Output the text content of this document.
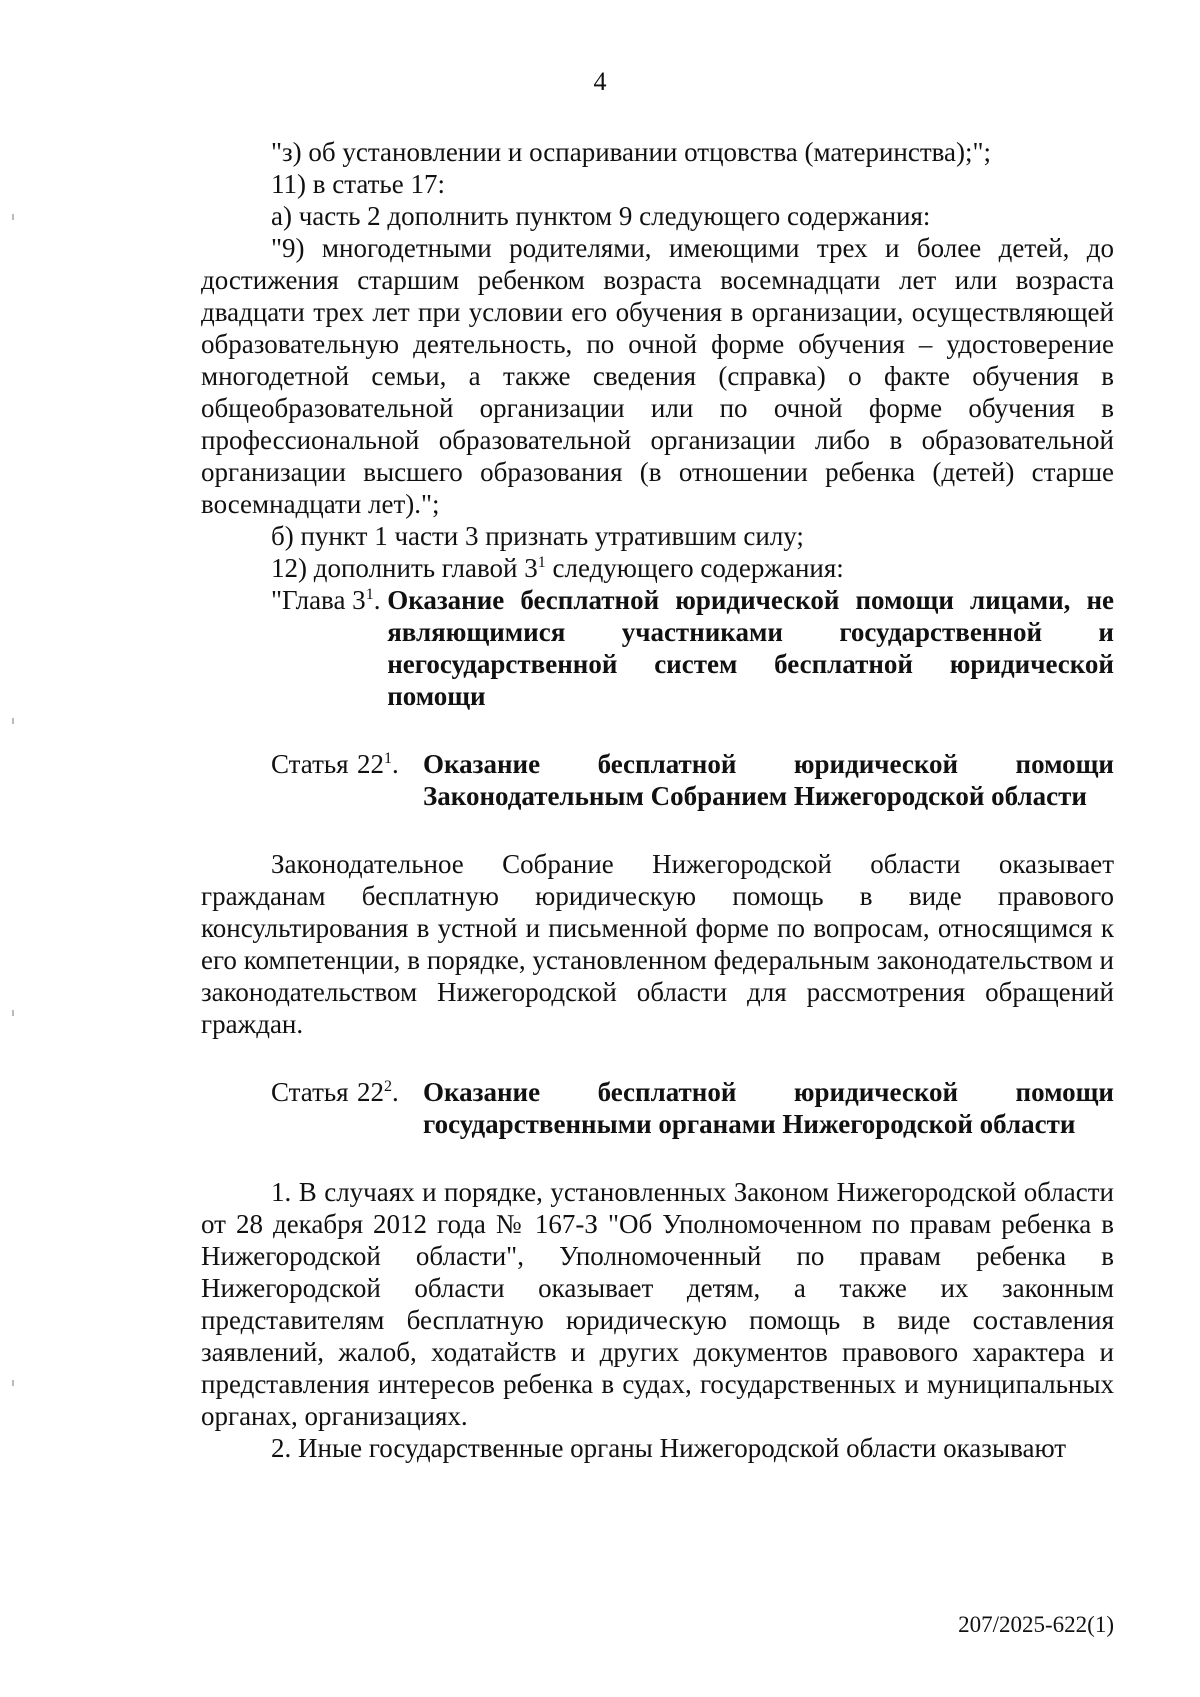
4

"з) об установлении и оспаривании отцовства (материнства);";

11) в статье 17:

а) часть 2 дополнить пунктом 9 следующего содержания:

"9) многодетными родителями, имеющими трех и более детей, до достижения старшим ребенком возраста восемнадцати лет или возраста двадцати трех лет при условии его обучения в организации, осуществляющей образовательную деятельность, по очной форме обучения – удостоверение многодетной семьи, а также сведения (справка) о факте обучения в общеобразовательной организации или по очной форме обучения в профессиональной образовательной организации либо в образовательной организации высшего образования (в отношении ребенка (детей) старше восемнадцати лет).";

б) пункт 1 части 3 признать утратившим силу;

12) дополнить главой $3^1$ следующего содержания:

"Глава $3^1$. Оказание бесплатной юридической помощи лицами, не являющимися участниками государственной и негосударственной систем бесплатной юридической помощи
Статья $22^1$. Оказание бесплатной юридической помощи Законодательным Собранием Нижегородской области

Законодательное Собрание Нижегородской области оказывает гражданам бесплатную юридическую помощь в виде правового консультирования в устной и письменной форме по вопросам, относящимся к его компетенции, в порядке, установленном федеральным законодательством и законодательством Нижегородской области для рассмотрения обращений граждан.

Статья $22^2$. Оказание бесплатной юридической помощи государственными органами Нижегородской области

1. В случаях и порядке, установленных Законом Нижегородской области от 28 декабря 2012 года № 167-З "Об Уполномоченном по правам ребенка в Нижегородской области", Уполномоченный по правам ребенка в Нижегородской области оказывает детям, а также их законным представителям бесплатную юридическую помощь в виде составления заявлений, жалоб, ходатайств и других документов правового характера и представления интересов ребенка в судах, государственных и муниципальных органах, организациях.

2. Иные государственные органы Нижегородской области оказывают

207/2025-622(1)
